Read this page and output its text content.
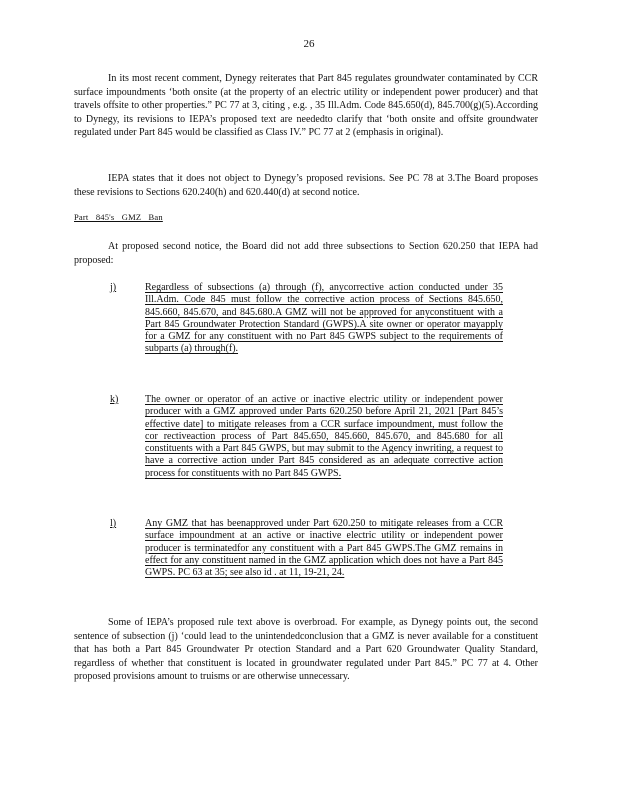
26

In its most recent comment, Dynegy reiterates that Part 845 regulates groundwater contaminated by CCR surface impoundments ‘both onsite (at the property of an electric utility or independent power producer) and that travels offsite to other properties.” PC 77 at 3, citing , e.g. , 35 Ill.Adm. Code 845.650(d), 845.700(g)(5).According to Dynegy, its revisions to IEPA’s proposed text are neededto clarify that ‘both onsite and offsite groundwater regulated under Part 845 would be classified as Class IV.” PC 77 at 2 (emphasis in original).

IEPA states that it does not object to Dynegy’s proposed revisions. See PC 78 at 3.The Board proposes these revisions to Sections 620.240(h) and 620.440(d) at second notice.

Part 845's GMZ Ban

At proposed second notice, the Board did not add three subsections to Section 620.250 that IEPA had proposed:

j)	Regardless of subsections (a) through (f), anycorrective action conducted under 35 Ill.Adm. Code 845 must follow the corrective action process of Sections 845.650, 845.660, 845.670, and 845.680.A GMZ will not be approved for anyconstituent with a Part 845 Groundwater Protection Standard (GWPS).A site owner or operator mayapply for a GMZ for any constituent with no Part 845 GWPS subject to the requirements of subparts (a) through(f).

k)	The owner or operator of an active or inactive electric utility or independent power producer with a GMZ approved under Parts 620.250 before April 21, 2021 [Part 845’s effective date] to mitigate releases from a CCR surface impoundment, must follow the cor rectiveaction process of Part 845.650, 845.660, 845.670, and 845.680 for all constituents with a Part 845 GWPS, but may submit to the Agency inwriting, a request to have a corrective action under Part 845 considered as an adequate corrective action process for constituents with no Part 845 GWPS.

l)	Any GMZ that has beenapproved under Part 620.250 to mitigate releases from a CCR surface impoundment at an active or inactive electric utility or independent power producer is terminatedfor any constituent with a Part 845 GWPS.The GMZ remains in effect for any constituent named in the GMZ application which does not have a Part 845 GWPS. PC 63 at 35; see also id . at 11, 19-21, 24.

Some of IEPA’s proposed rule text above is overbroad. For example, as Dynegy points out, the second sentence of subsection (j) ‘could lead to the unintendedconclusion that a GMZ is never available for a constituent that has both a Part 845 Groundwater Pr otection Standard and a Part 620 Groundwater Quality Standard, regardless of whether that constituent is located in groundwater regulated under Part 845.” PC 77 at 4. Other proposed provisions amount to truisms or are otherwise unnecessary.
